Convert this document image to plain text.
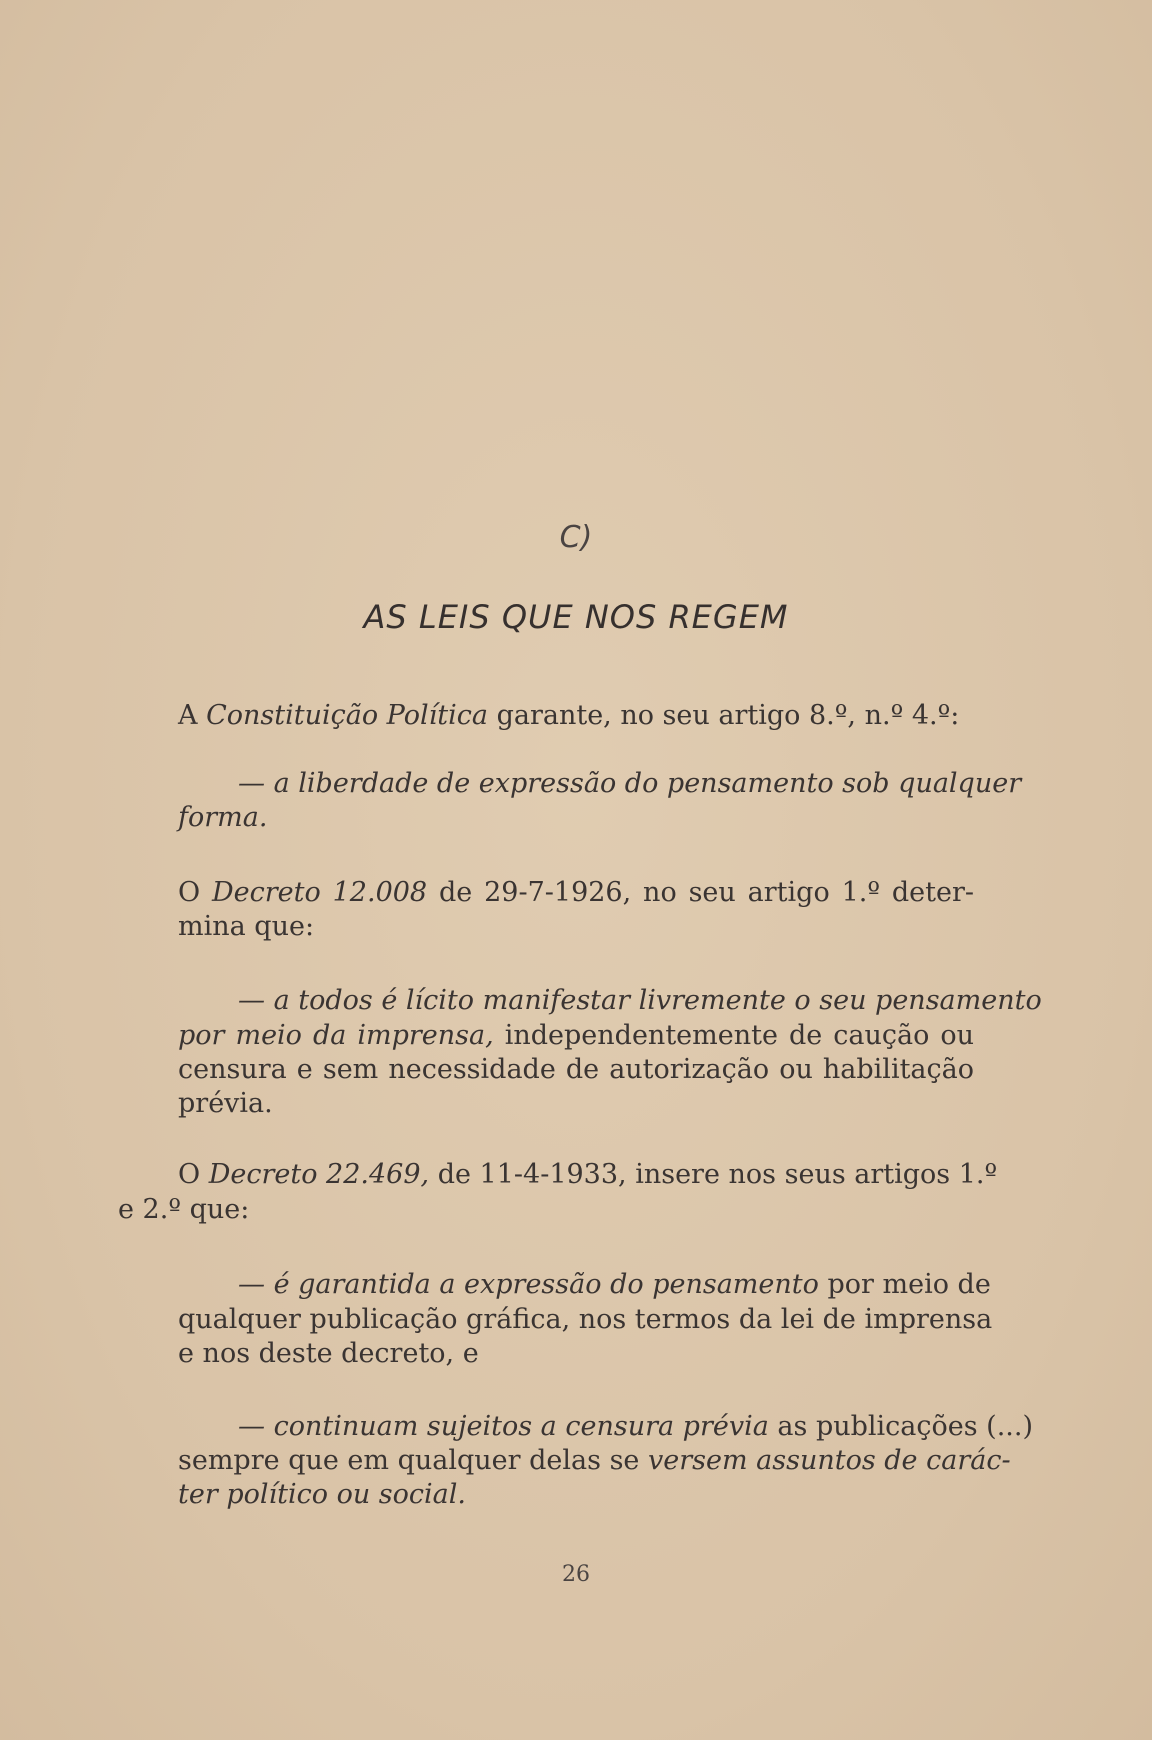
C)
AS LEIS QUE NOS REGEM
A Constituição Política garante, no seu artigo 8.º, n.º 4.º:
— a liberdade de expressão do pensamento sob qualquer
forma.
O Decreto 12.008 de 29-7-1926, no seu artigo 1.º deter-
mina que:
— a todos é lícito manifestar livremente o seu pensamento
por meio da imprensa, independentemente de caução ou
censura e sem necessidade de autorização ou habilitação
prévia.
O Decreto 22.469, de 11-4-1933, insere nos seus artigos 1.º
e 2.º que:
— é garantida a expressão do pensamento por meio de
qualquer publicação gráfica, nos termos da lei de imprensa
e nos deste decreto, e
— continuam sujeitos a censura prévia as publicações (...)
sempre que em qualquer delas se versem assuntos de carác-
ter político ou social.
26
